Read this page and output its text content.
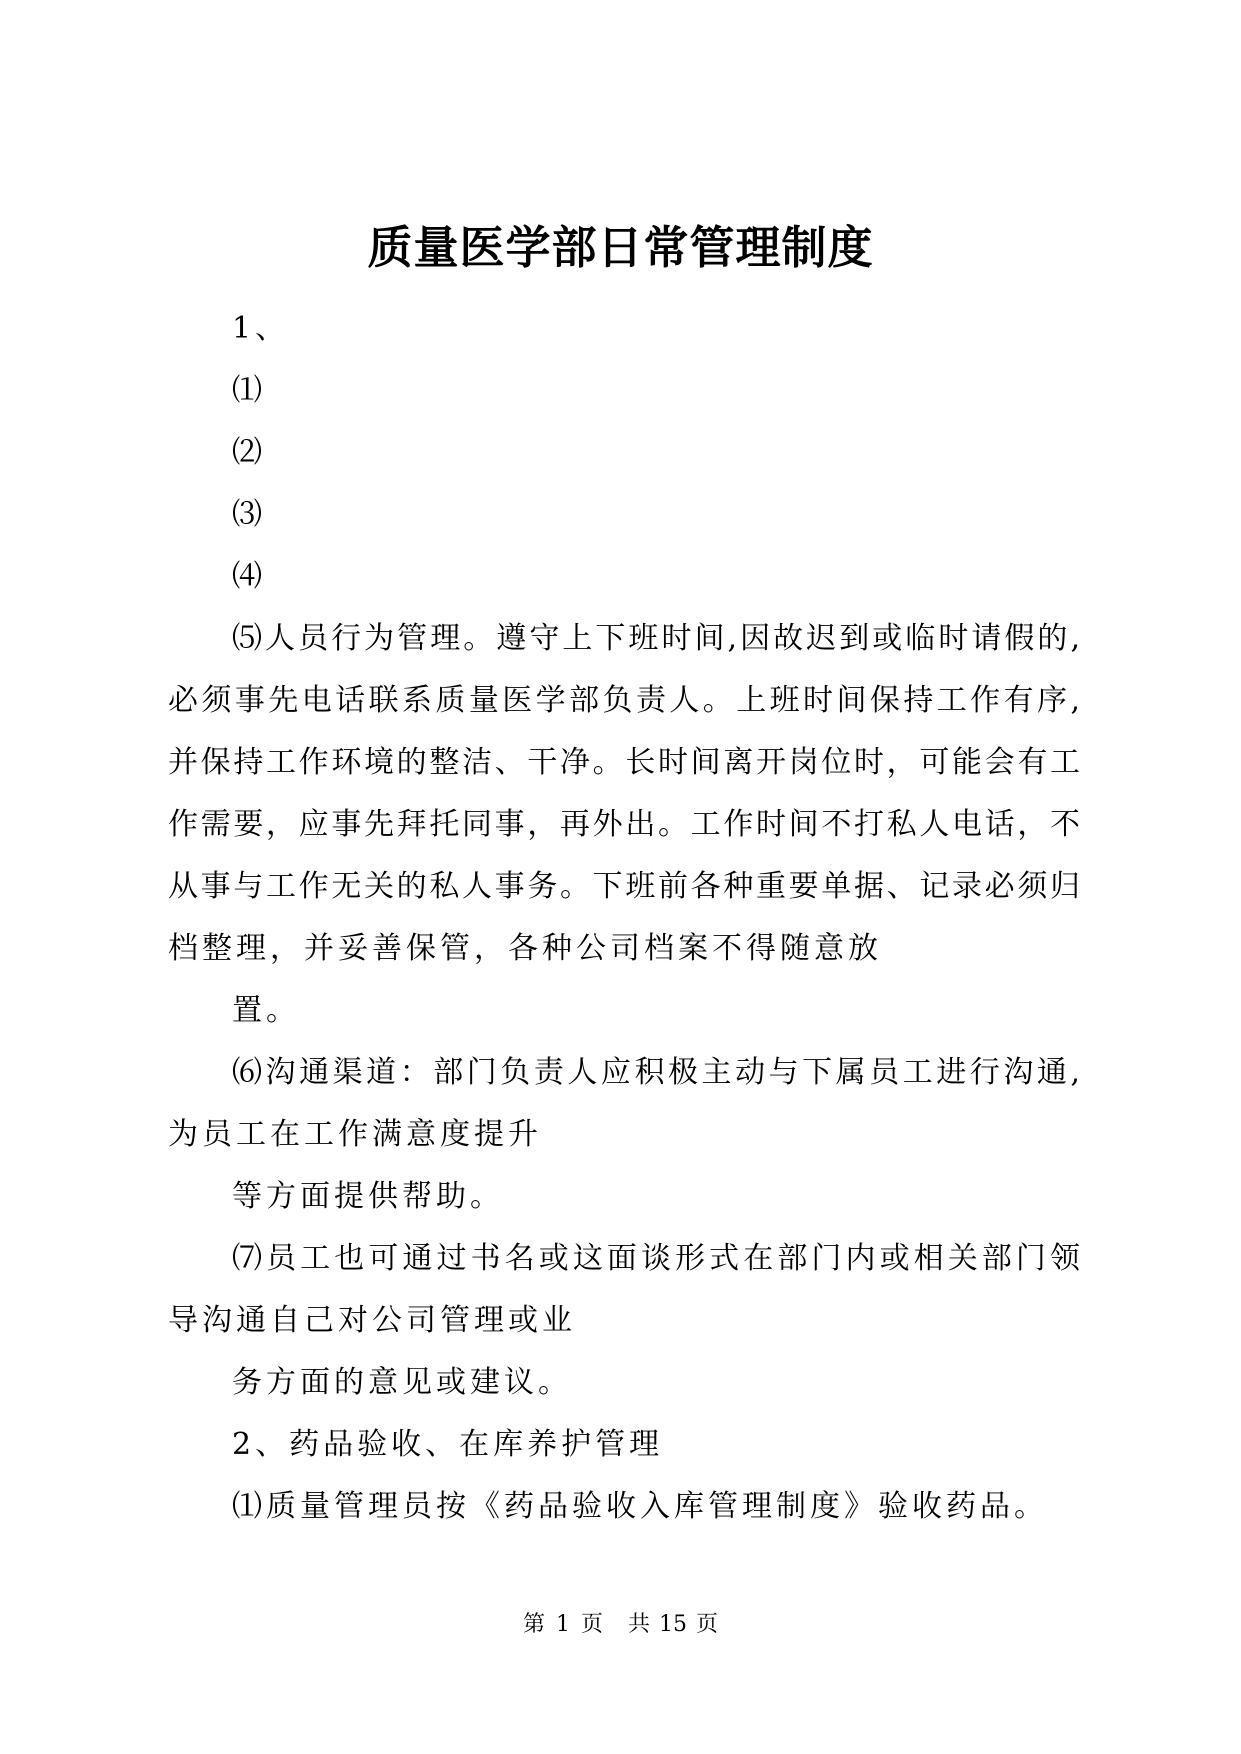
质量医学部日常管理制度
1、
⑴
⑵
⑶
⑷
⑸人员行为管理。遵守上下班时间,因故迟到或临时请假的,
必须事先电话联系质量医学部负责人。上班时间保持工作有序,
并保持工作环境的整洁、干净。长时间离开岗位时，可能会有工
作需要，应事先拜托同事，再外出。工作时间不打私人电话，不
从事与工作无关的私人事务。下班前各种重要单据、记录必须归
档整理，并妥善保管，各种公司档案不得随意放
置。
⑹沟通渠道：部门负责人应积极主动与下属员工进行沟通,
为员工在工作满意度提升
等方面提供帮助。
⑺员工也可通过书名或这面谈形式在部门内或相关部门领
导沟通自己对公司管理或业
务方面的意见或建议。
2、药品验收、在库养护管理
⑴质量管理员按《药品验收入库管理制度》验收药品。
第 1 页 共 15 页
